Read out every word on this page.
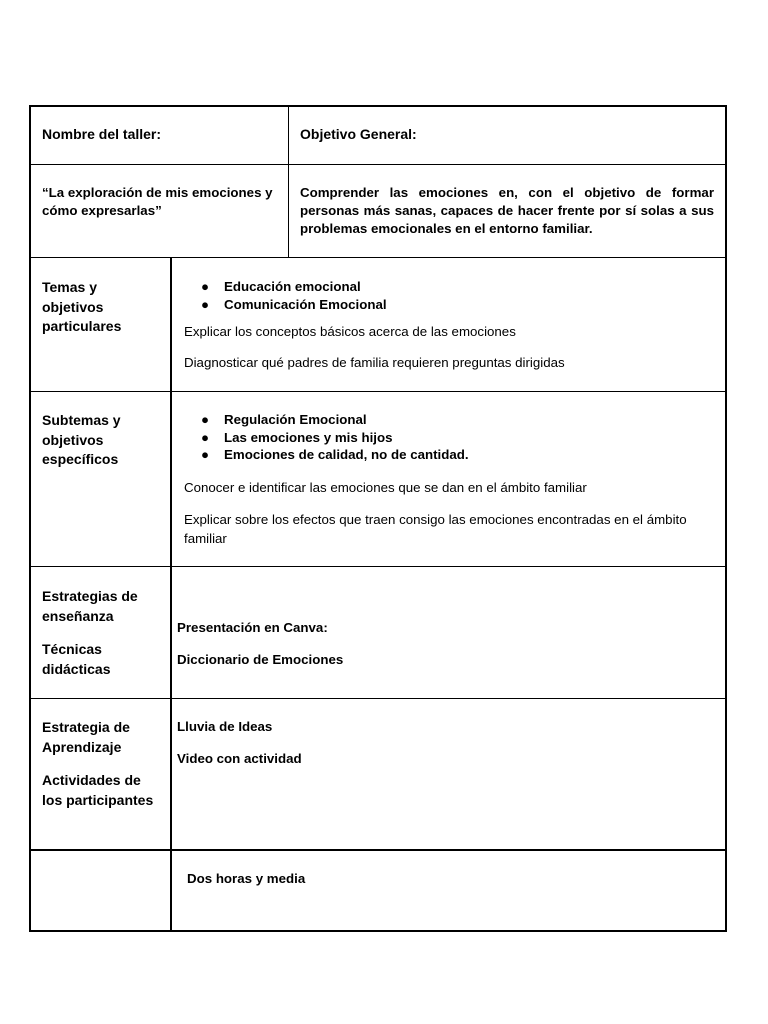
Nombre del taller:	Objetivo General:
“La exploración de mis emociones y cómo expresarlas”
Comprender las emociones en, con el objetivo de formar personas más sanas, capaces de hacer frente por sí solas a sus problemas emocionales en el entorno familiar.
Temas y objetivos particulares
● Educación emocional
● Comunicación Emocional
Explicar los conceptos básicos acerca de las emociones
Diagnosticar qué padres de familia requieren preguntas dirigidas
Subtemas y objetivos específicos
● Regulación Emocional
● Las emociones y mis hijos
● Emociones de calidad, no de cantidad.
Conocer e identificar las emociones que se dan en el ámbito familiar
Explicar sobre los efectos que traen consigo las emociones encontradas en el ámbito familiar
Estrategias de enseñanza
Técnicas didácticas
Presentación en Canva:
Diccionario de Emociones
Estrategia de Aprendizaje
Actividades de los participantes
Lluvia de Ideas
Video con actividad
Dos horas y media
